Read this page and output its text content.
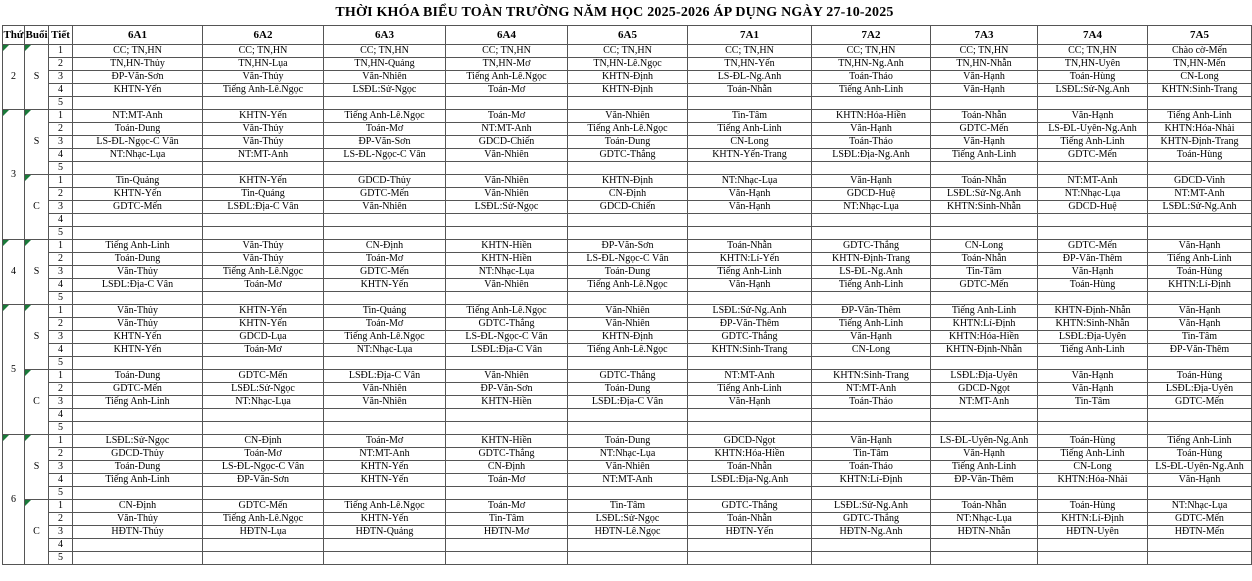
THỜI KHÓA BIỂU TOÀN TRƯỜNG NĂM HỌC 2025-2026 ÁP DỤNG NGÀY 27-10-2025
Thứ	Buổi	Tiết	6A1	6A2	6A3	6A4	6A5	7A1	7A2	7A3	7A4	7A5
2	S	1	CC; TN,HN	CC; TN,HN	CC; TN,HN	CC; TN,HN	CC; TN,HN	CC; TN,HN	CC; TN,HN	CC; TN,HN	CC; TN,HN	Chào cờ-Mến
		2	TN,HN-Thủy	TN,HN-Lụa	TN,HN-Quảng	TN,HN-Mơ	TN,HN-Lê.Ngọc	TN,HN-Yến	TN,HN-Ng.Anh	TN,HN-Nhẫn	TN,HN-Uyên	TN,HN-Mến
		3	ĐP-Văn-Sơn	Văn-Thủy	Văn-Nhiên	Tiếng Anh-Lê.Ngọc	KHTN-Định	LS-ĐL-Ng.Anh	Toán-Thảo	Văn-Hạnh	Toán-Hùng	CN-Long
		4	KHTN-Yến	Tiếng Anh-Lê.Ngọc	LSĐL:Sử-Ngọc	Toán-Mơ	KHTN-Định	Toán-Nhẫn	Tiếng Anh-Linh	Văn-Hạnh	LSĐL:Sử-Ng.Anh	KHTN:Sinh-Trang
		5										
3	S	1	NT:MT-Anh	KHTN-Yến	Tiếng Anh-Lê.Ngọc	Toán-Mơ	Văn-Nhiên	Tin-Tâm	KHTN:Hóa-Hiền	Toán-Nhẫn	Văn-Hạnh	Tiếng Anh-Linh
		2	Toán-Dung	Văn-Thủy	Toán-Mơ	NT:MT-Anh	Tiếng Anh-Lê.Ngọc	Tiếng Anh-Linh	Văn-Hạnh	GDTC-Mến	LS-ĐL-Uyên-Ng.Anh	KHTN:Hóa-Nhài
		3	LS-ĐL-Ngọc-C Vân	Văn-Thủy	ĐP-Văn-Sơn	GDCD-Chiến	Toán-Dung	CN-Long	Toán-Thảo	Văn-Hạnh	Tiếng Anh-Linh	KHTN-Định-Trang
		4	NT:Nhạc-Lụa	NT:MT-Anh	LS-ĐL-Ngọc-C Vân	Văn-Nhiên	GDTC-Thắng	KHTN-Yến-Trang	LSĐL:Địa-Ng.Anh	Tiếng Anh-Linh	GDTC-Mến	Toán-Hùng
		5										
	C	1	Tin-Quảng	KHTN-Yến	GDCD-Thủy	Văn-Nhiên	KHTN-Định	NT:Nhạc-Lụa	Văn-Hạnh	Toán-Nhẫn	NT:MT-Anh	GDCD-Vinh
		2	KHTN-Yến	Tin-Quảng	GDTC-Mến	Văn-Nhiên	CN-Định	Văn-Hạnh	GDCD-Huệ	LSĐL:Sử-Ng.Anh	NT:Nhạc-Lụa	NT:MT-Anh
		3	GDTC-Mến	LSĐL:Địa-C Vân	Văn-Nhiên	LSĐL:Sử-Ngọc	GDCD-Chiến	Văn-Hạnh	NT:Nhạc-Lụa	KHTN:Sinh-Nhẫn	GDCD-Huệ	LSĐL:Sử-Ng.Anh
		4										
		5										
4	S	1	Tiếng Anh-Linh	Văn-Thủy	CN-Định	KHTN-Hiền	ĐP-Văn-Sơn	Toán-Nhẫn	GDTC-Thắng	CN-Long	GDTC-Mến	Văn-Hạnh
		2	Toán-Dung	Văn-Thủy	Toán-Mơ	KHTN-Hiền	LS-ĐL-Ngọc-C Vân	KHTN:Lí-Yến	KHTN-Định-Trang	Toán-Nhẫn	ĐP-Văn-Thêm	Tiếng Anh-Linh
		3	Văn-Thủy	Tiếng Anh-Lê.Ngọc	GDTC-Mến	NT:Nhạc-Lụa	Toán-Dung	Tiếng Anh-Linh	LS-ĐL-Ng.Anh	Tin-Tâm	Văn-Hạnh	Toán-Hùng
		4	LSĐL:Địa-C Vân	Toán-Mơ	KHTN-Yến	Văn-Nhiên	Tiếng Anh-Lê.Ngọc	Văn-Hạnh	Tiếng Anh-Linh	GDTC-Mến	Toán-Hùng	KHTN:Lí-Định
		5										
5	S	1	Văn-Thủy	KHTN-Yến	Tin-Quảng	Tiếng Anh-Lê.Ngọc	Văn-Nhiên	LSĐL:Sử-Ng.Anh	ĐP-Văn-Thêm	Tiếng Anh-Linh	KHTN-Định-Nhẫn	Văn-Hạnh
		2	Văn-Thủy	KHTN-Yến	Toán-Mơ	GDTC-Thắng	Văn-Nhiên	ĐP-Văn-Thêm	Tiếng Anh-Linh	KHTN:Lí-Định	KHTN:Sinh-Nhẫn	Văn-Hạnh
		3	KHTN-Yến	GDCD-Lụa	Tiếng Anh-Lê.Ngọc	LS-ĐL-Ngọc-C Vân	KHTN-Định	GDTC-Thắng	Văn-Hạnh	KHTN:Hóa-Hiền	LSĐL:Địa-Uyên	Tin-Tâm
		4	KHTN-Yến	Toán-Mơ	NT:Nhạc-Lụa	LSĐL:Địa-C Vân	Tiếng Anh-Lê.Ngọc	KHTN:Sinh-Trang	CN-Long	KHTN-Định-Nhẫn	Tiếng Anh-Linh	ĐP-Văn-Thêm
		5										
	C	1	Toán-Dung	GDTC-Mến	LSĐL:Địa-C Vân	Văn-Nhiên	GDTC-Thắng	NT:MT-Anh	KHTN:Sinh-Trang	LSĐL:Địa-Uyên	Văn-Hạnh	Toán-Hùng
		2	GDTC-Mến	LSĐL:Sử-Ngọc	Văn-Nhiên	ĐP-Văn-Sơn	Toán-Dung	Tiếng Anh-Linh	NT:MT-Anh	GDCD-Ngọt	Văn-Hạnh	LSĐL:Địa-Uyên
		3	Tiếng Anh-Linh	NT:Nhạc-Lụa	Văn-Nhiên	KHTN-Hiền	LSĐL:Địa-C Vân	Văn-Hạnh	Toán-Thảo	NT:MT-Anh	Tin-Tâm	GDTC-Mến
		4										
		5										
6	S	1	LSĐL:Sử-Ngọc	CN-Định	Toán-Mơ	KHTN-Hiền	Toán-Dung	GDCD-Ngọt	Văn-Hạnh	LS-ĐL-Uyên-Ng.Anh	Toán-Hùng	Tiếng Anh-Linh
		2	GDCD-Thủy	Toán-Mơ	NT:MT-Anh	GDTC-Thắng	NT:Nhạc-Lụa	KHTN:Hóa-Hiền	Tin-Tâm	Văn-Hạnh	Tiếng Anh-Linh	Toán-Hùng
		3	Toán-Dung	LS-ĐL-Ngọc-C Vân	KHTN-Yến	CN-Định	Văn-Nhiên	Toán-Nhẫn	Toán-Thảo	Tiếng Anh-Linh	CN-Long	LS-ĐL-Uyên-Ng.Anh
		4	Tiếng Anh-Linh	ĐP-Văn-Sơn	KHTN-Yến	Toán-Mơ	NT:MT-Anh	LSĐL:Địa-Ng.Anh	KHTN:Lí-Định	ĐP-Văn-Thêm	KHTN:Hóa-Nhài	Văn-Hạnh
		5										
	C	1	CN-Định	GDTC-Mến	Tiếng Anh-Lê.Ngọc	Toán-Mơ	Tin-Tâm	GDTC-Thắng	LSĐL:Sử-Ng.Anh	Toán-Nhẫn	Toán-Hùng	NT:Nhạc-Lụa
		2	Văn-Thủy	Tiếng Anh-Lê.Ngọc	KHTN-Yến	Tin-Tâm	LSĐL:Sử-Ngọc	Toán-Nhẫn	GDTC-Thắng	NT:Nhạc-Lụa	KHTN:Lí-Định	GDTC-Mến
		3	HĐTN-Thủy	HĐTN-Lụa	HĐTN-Quảng	HĐTN-Mơ	HĐTN-Lê.Ngọc	HĐTN-Yến	HĐTN-Ng.Anh	HĐTN-Nhẫn	HĐTN-Uyên	HĐTN-Mến
		4										
		5										
